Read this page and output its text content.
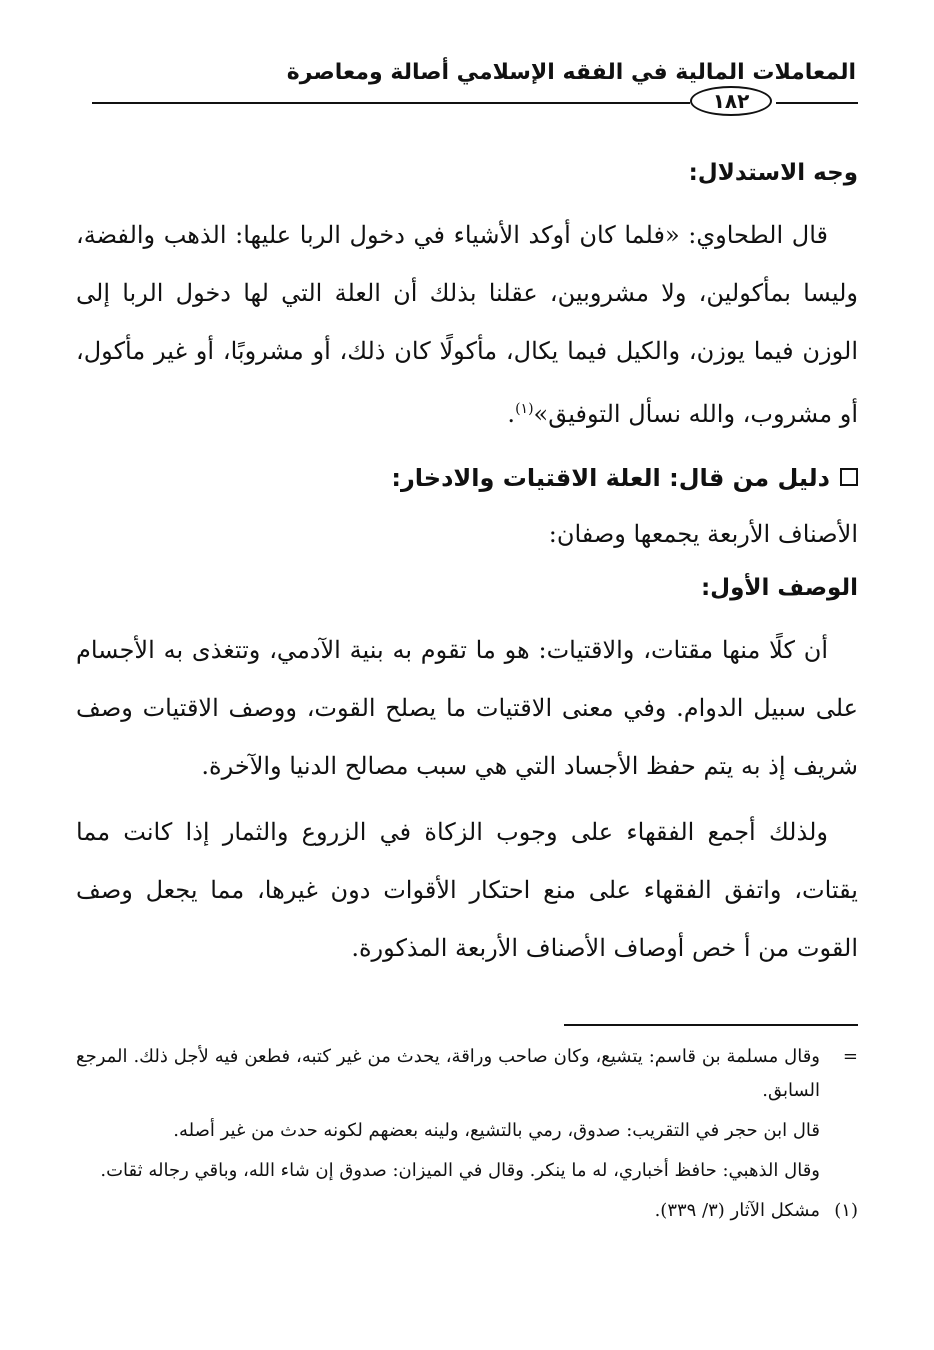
المعاملات المالية في الفقه الإسلامي أصالة ومعاصرة
١٨٢

وجه الاستدلال:

قال الطحاوي: «فلما كان أوكد الأشياء في دخول الربا عليها: الذهب والفضة، وليسا بمأكولين، ولا مشروبين، عقلنا بذلك أن العلة التي لها دخول الربا إلى الوزن فيما يوزن، والكيل فيما يكال، مأكولًا كان ذلك، أو مشروبًا، أو غير مأكول، أو مشروب، والله نسأل التوفيق»$^{(١)}$.

دليل من قال: العلة الاقتيات والادخار:

الأصناف الأربعة يجمعها وصفان:

الوصف الأول:

أن كلًا منها مقتات، والاقتيات: هو ما تقوم به بنية الآدمي، وتتغذى به الأجسام على سبيل الدوام. وفي معنى الاقتيات ما يصلح القوت، ووصف الاقتيات وصف شريف إذ به يتم حفظ الأجساد التي هي سبب مصالح الدنيا والآخرة.

ولذلك أجمع الفقهاء على وجوب الزكاة في الزروع والثمار إذا كانت مما يقتات، واتفق الفقهاء على منع احتكار الأقوات دون غيرها، مما يجعل وصف القوت من أ خص أوصاف الأصناف الأربعة المذكورة.

=
وقال مسلمة بن قاسم: يتشيع، وكان صاحب وراقة، يحدث من غير كتبه، فطعن فيه لأجل ذلك. المرجع السابق.

قال ابن حجر في التقريب: صدوق، رمي بالتشيع، ولينه بعضهم لكونه حدث من غير أصله.

وقال الذهبي: حافظ أخباري، له ما ينكر. وقال في الميزان: صدوق إن شاء الله، وباقي رجاله ثقات.

(١)
مشكل الآثار (٣/ ٣٣٩).
